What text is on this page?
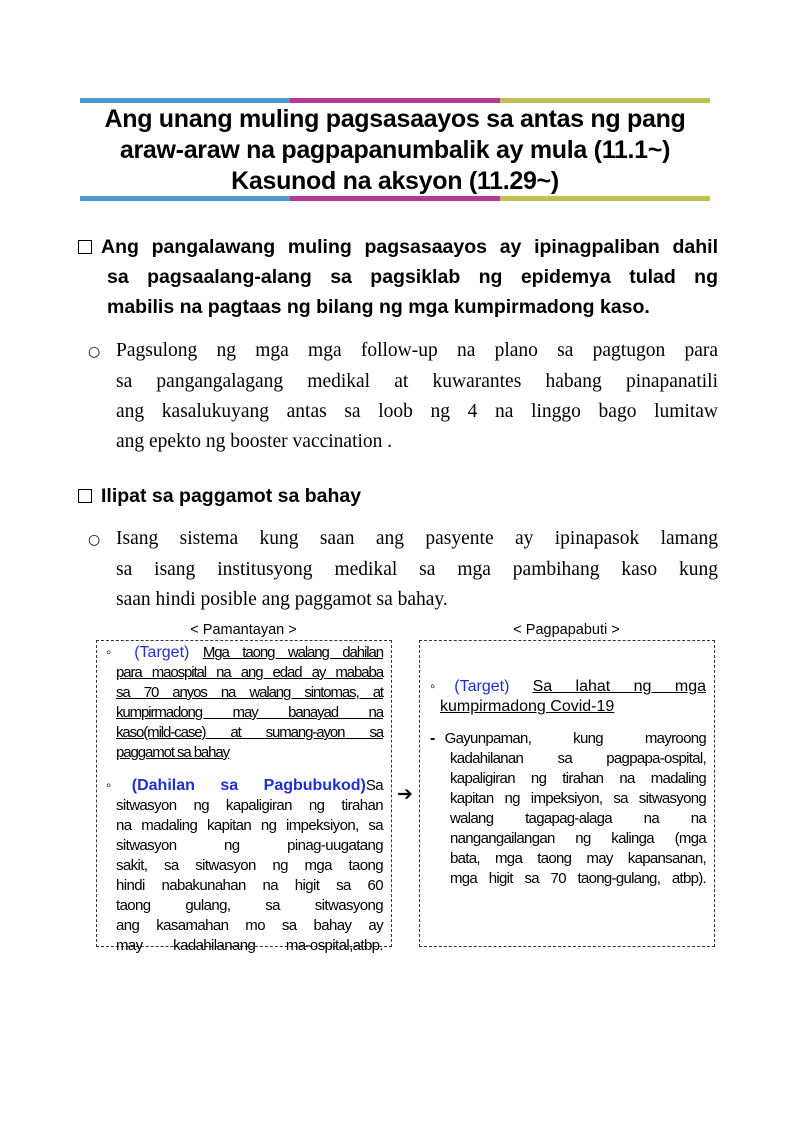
Ang unang muling pagsasaayos sa antas ng pang
araw-araw na pagpapanumbalik ay mula (11.1~)
Kasunod na aksyon (11.29~)
Ang pangalawang muling pagsasaayos ay ipinagpaliban dahil
sa pagsaalang-alang sa pagsiklab ng epidemya tulad ng
mabilis na pagtaas ng bilang ng mga kumpirmadong kaso.
○ Pagsulong ng mga mga follow-up na plano sa pagtugon para
sa pangangalagang medikal at kuwarantes habang pinapanatili
ang kasalukuyang antas sa loob ng 4 na linggo bago lumitaw
ang epekto ng booster vaccination .
Ilipat sa paggamot sa bahay
○ Isang sistema kung saan ang pasyente ay ipinapasok lamang
sa isang institusyong medikal sa mga pambihang kaso kung
saan hindi posible ang paggamot sa bahay.
< Pamantayan >	< Pagpapabuti >
◦ (Target) Mga taong walang dahilan
para maospital na ang edad ay mababa
sa 70 anyos na walang sintomas, at
kumpirmadong may banayad na
kaso(mild-case) at sumang-ayon sa
paggamot sa bahay
◦(Dahilan sa Pagbubukod)Sa
sitwasyon ng kapaligiran ng tirahan
na madaling kapitan ng impeksiyon, sa
sitwasyon ng pinag-uugatang
sakit, sa sitwasyon ng mga taong
hindi nabakunahan na higit sa 60
taong gulang, sa sitwasyong
ang kasamahan mo sa bahay ay
may kadahilanang ma-ospital,atbp.
➔
◦(Target) Sa lahat ng mga
kumpirmadong Covid-19
- Gayunpaman, kung mayroong
kadahilanan sa pagpapa-ospital,
kapaligiran ng tirahan na madaling
kapitan ng impeksiyon, sa sitwasyong
walang tagapag-alaga na na
nangangailangan ng kalinga (mga
bata, mga taong may kapansanan,
mga higit sa 70 taong-gulang, atbp).
